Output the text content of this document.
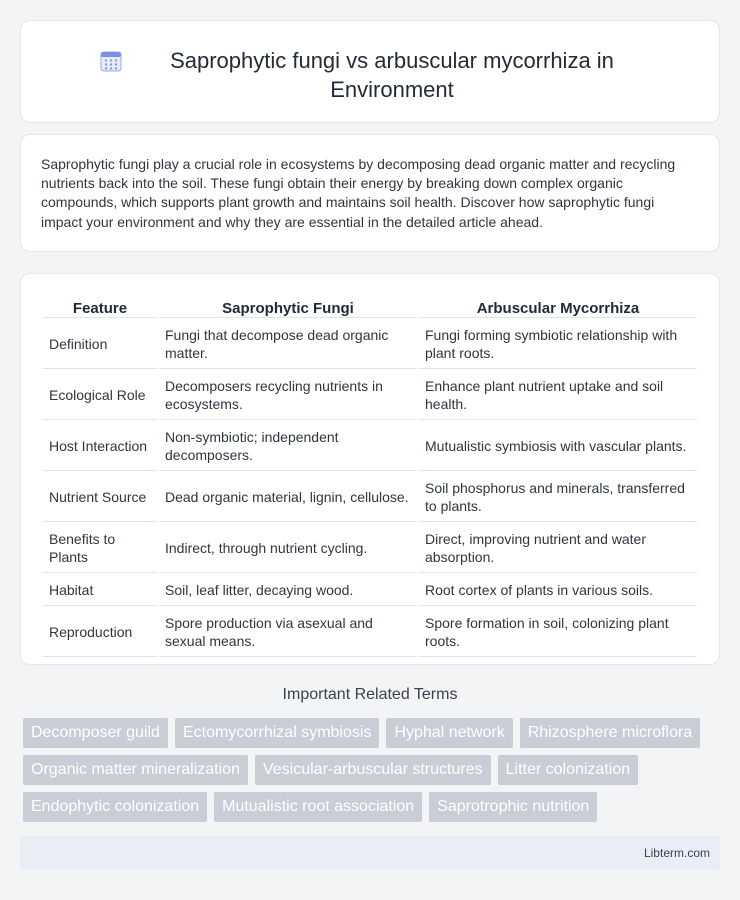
Saprophytic fungi vs arbuscular mycorrhiza in Environment

Saprophytic fungi play a crucial role in ecosystems by decomposing dead organic matter and recycling nutrients back into the soil. These fungi obtain their energy by breaking down complex organic compounds, which supports plant growth and maintains soil health. Discover how saprophytic fungi impact your environment and why they are essential in the detailed article ahead.

Feature	Saprophytic Fungi	Arbuscular Mycorrhiza
Definition	Fungi that decompose dead organic matter.	Fungi forming symbiotic relationship with plant roots.
Ecological Role	Decomposers recycling nutrients in ecosystems.	Enhance plant nutrient uptake and soil health.
Host Interaction	Non-symbiotic; independent decomposers.	Mutualistic symbiosis with vascular plants.
Nutrient Source	Dead organic material, lignin, cellulose.	Soil phosphorus and minerals, transferred to plants.
Benefits to Plants	Indirect, through nutrient cycling.	Direct, improving nutrient and water absorption.
Habitat	Soil, leaf litter, decaying wood.	Root cortex of plants in various soils.
Reproduction	Spore production via asexual and sexual means.	Spore formation in soil, colonizing plant roots.
Important Related Terms
Decomposer guild	Ectomycorrhizal symbiosis	Hyphal network	Rhizosphere microflora
Organic matter mineralization	Vesicular-arbuscular structures	Litter colonization
Endophytic colonization	Mutualistic root association	Saprotrophic nutrition
Libterm.com
